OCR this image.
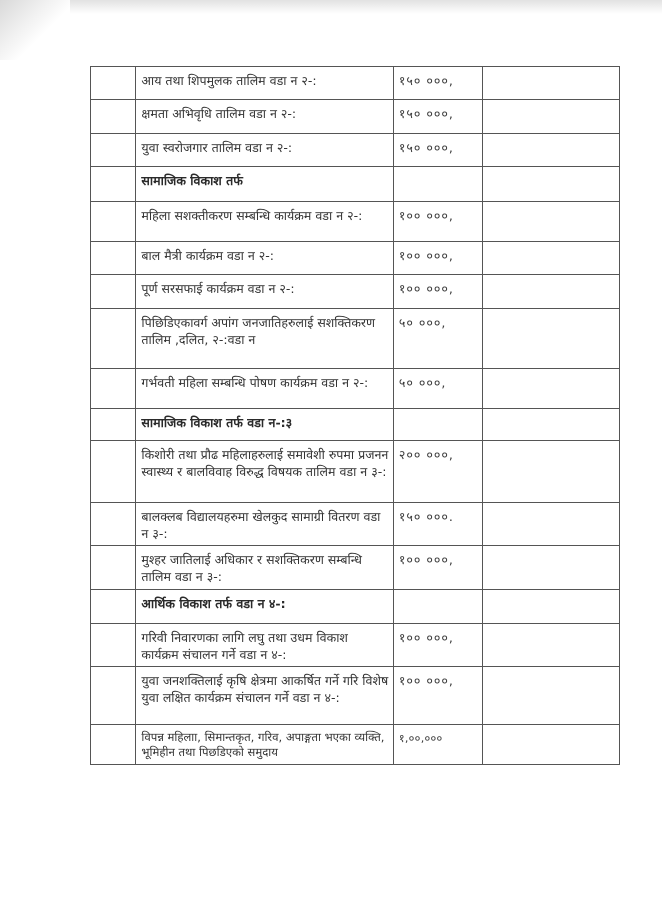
	आय तथा शिपमुलक तालिम वडा न २-:	१५० ०००,	
	क्षमता अभिवृधि तालिम वडा न २-:	१५० ०००,	
	युवा स्वरोजगार तालिम वडा न २-:	१५० ०००,	
	सामाजिक विकाश तर्फ		
	महिला सशक्तीकरण सम्बन्धि कार्यक्रम वडा न २-:	१०० ०००,	
	बाल मैत्री कार्यक्रम वडा न २-:	१०० ०००,	
	पूर्ण सरसफाई कार्यक्रम वडा न २-:	१०० ०००,	
	पिछिडिएकावर्ग अपांग जनजातिहरुलाई सशक्तिकरण तालिम ,दलित, २-:वडा न	५० ०००,	
	गर्भवती महिला सम्बन्धि पोषण कार्यक्रम वडा न २-:	५० ०००,	
	सामाजिक विकाश तर्फ वडा न-:३		
	किशोरी तथा प्रौढ महिलाहरुलाई समावेशी रुपमा प्रजनन स्वास्थ्य र बालविवाह विरुद्ध विषयक तालिम वडा न ३-:	२०० ०००,	
	बालक्लब विद्यालयहरुमा खेलकुद सामाग्री वितरण वडा न ३-:	१५० ०००.	
	मुश्हर जातिलाई अधिकार र सशक्तिकरण सम्बन्धि तालिम वडा न ३-:	१०० ०००,	
	आर्थिक विकाश तर्फ वडा न ४-:		
	गरिवी निवारणका लागि लघु तथा उधम विकाश कार्यक्रम संचालन गर्ने वडा न ४-:	१०० ०००,	
	युवा जनशक्तिलाई कृषि क्षेत्रमा आकर्षित गर्ने गरि विशेष युवा लक्षित कार्यक्रम संचालन गर्ने वडा न ४-:	१०० ०००,	
	विपन्न महिलाा, सिमान्तकृत, गरिव, अपाङ्गता भएका व्यक्ति, भूमिहीन तथा पिछडिएको समुदाय	१,००,०००	
